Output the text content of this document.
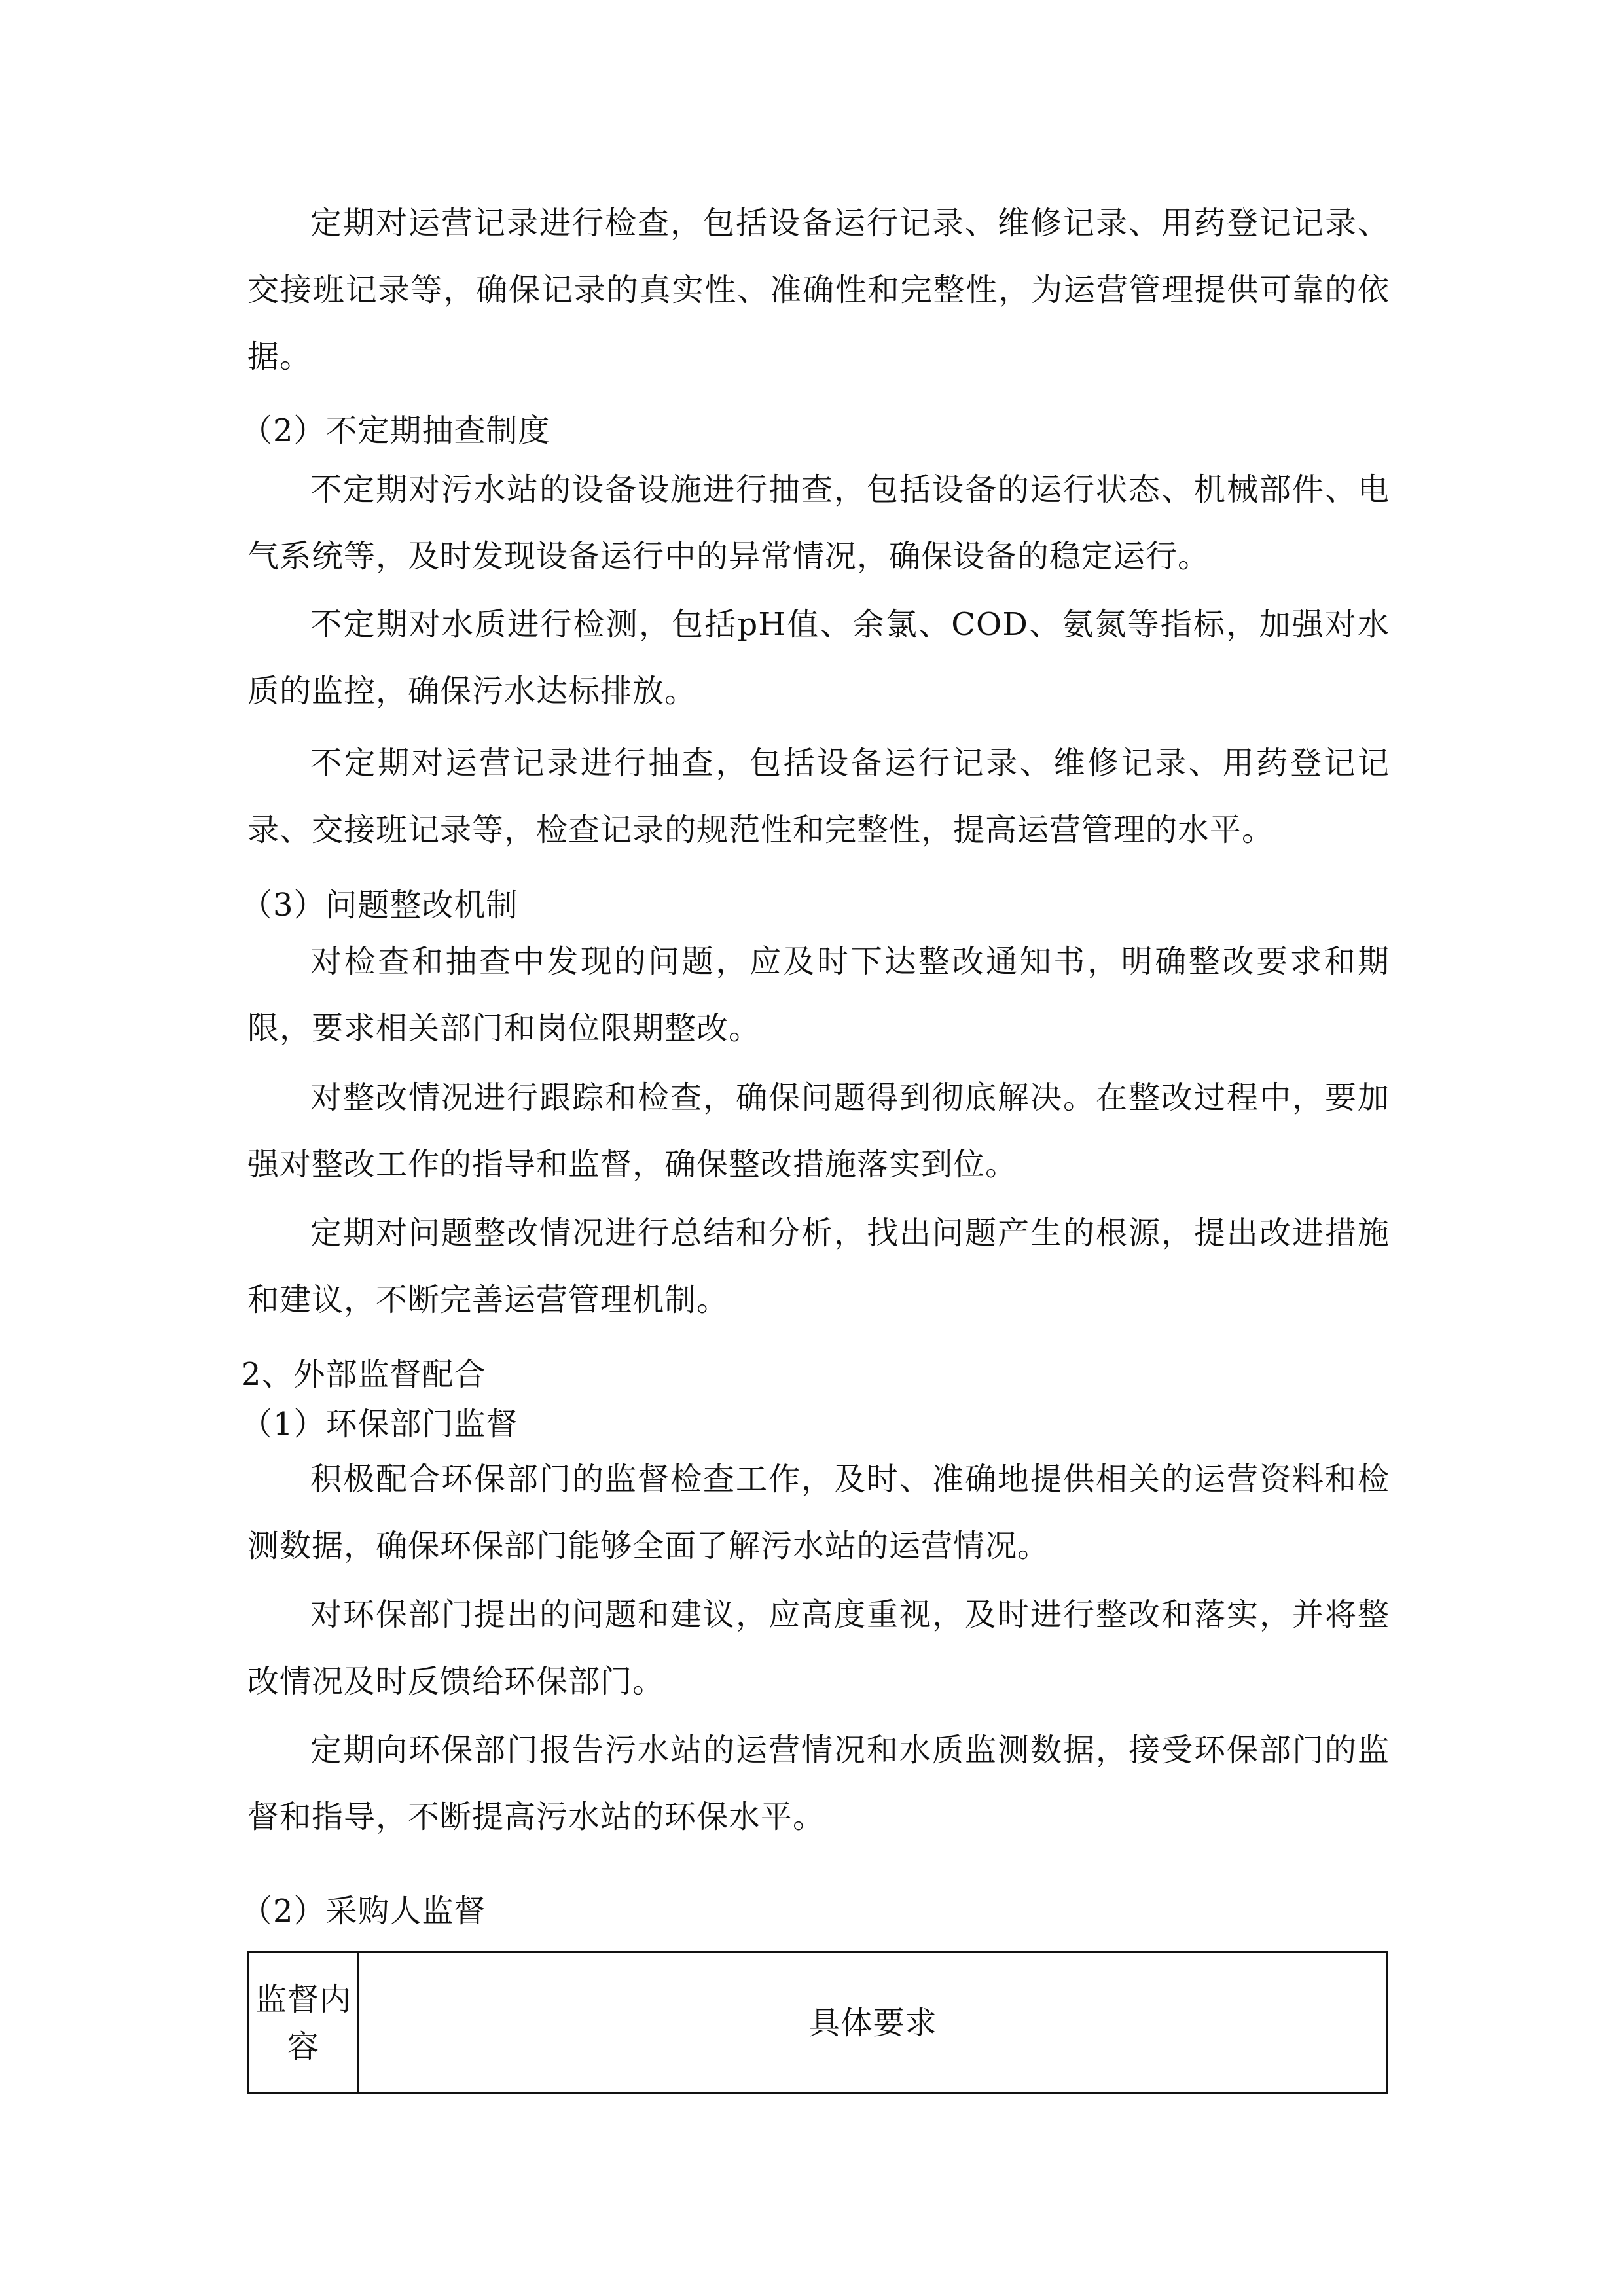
定期对运营记录进行检查，包括设备运行记录、维修记录、用药登记记录、交接班记录等，确保记录的真实性、准确性和完整性，为运营管理提供可靠的依据。

（2）不定期抽查制度

不定期对污水站的设备设施进行抽查，包括设备的运行状态、机械部件、电气系统等，及时发现设备运行中的异常情况，确保设备的稳定运行。

不定期对水质进行检测，包括pH值、余氯、COD、氨氮等指标，加强对水质的监控，确保污水达标排放。

不定期对运营记录进行抽查，包括设备运行记录、维修记录、用药登记记录、交接班记录等，检查记录的规范性和完整性，提高运营管理的水平。

（3）问题整改机制

对检查和抽查中发现的问题，应及时下达整改通知书，明确整改要求和期限，要求相关部门和岗位限期整改。

对整改情况进行跟踪和检查，确保问题得到彻底解决。在整改过程中，要加强对整改工作的指导和监督，确保整改措施落实到位。

定期对问题整改情况进行总结和分析，找出问题产生的根源，提出改进措施和建议，不断完善运营管理机制。

2、外部监督配合

（1）环保部门监督

积极配合环保部门的监督检查工作，及时、准确地提供相关的运营资料和检测数据，确保环保部门能够全面了解污水站的运营情况。

对环保部门提出的问题和建议，应高度重视，及时进行整改和落实，并将整改情况及时反馈给环保部门。

定期向环保部门报告污水站的运营情况和水质监测数据，接受环保部门的监督和指导，不断提高污水站的环保水平。

（2）采购人监督

监督内容	具体要求
